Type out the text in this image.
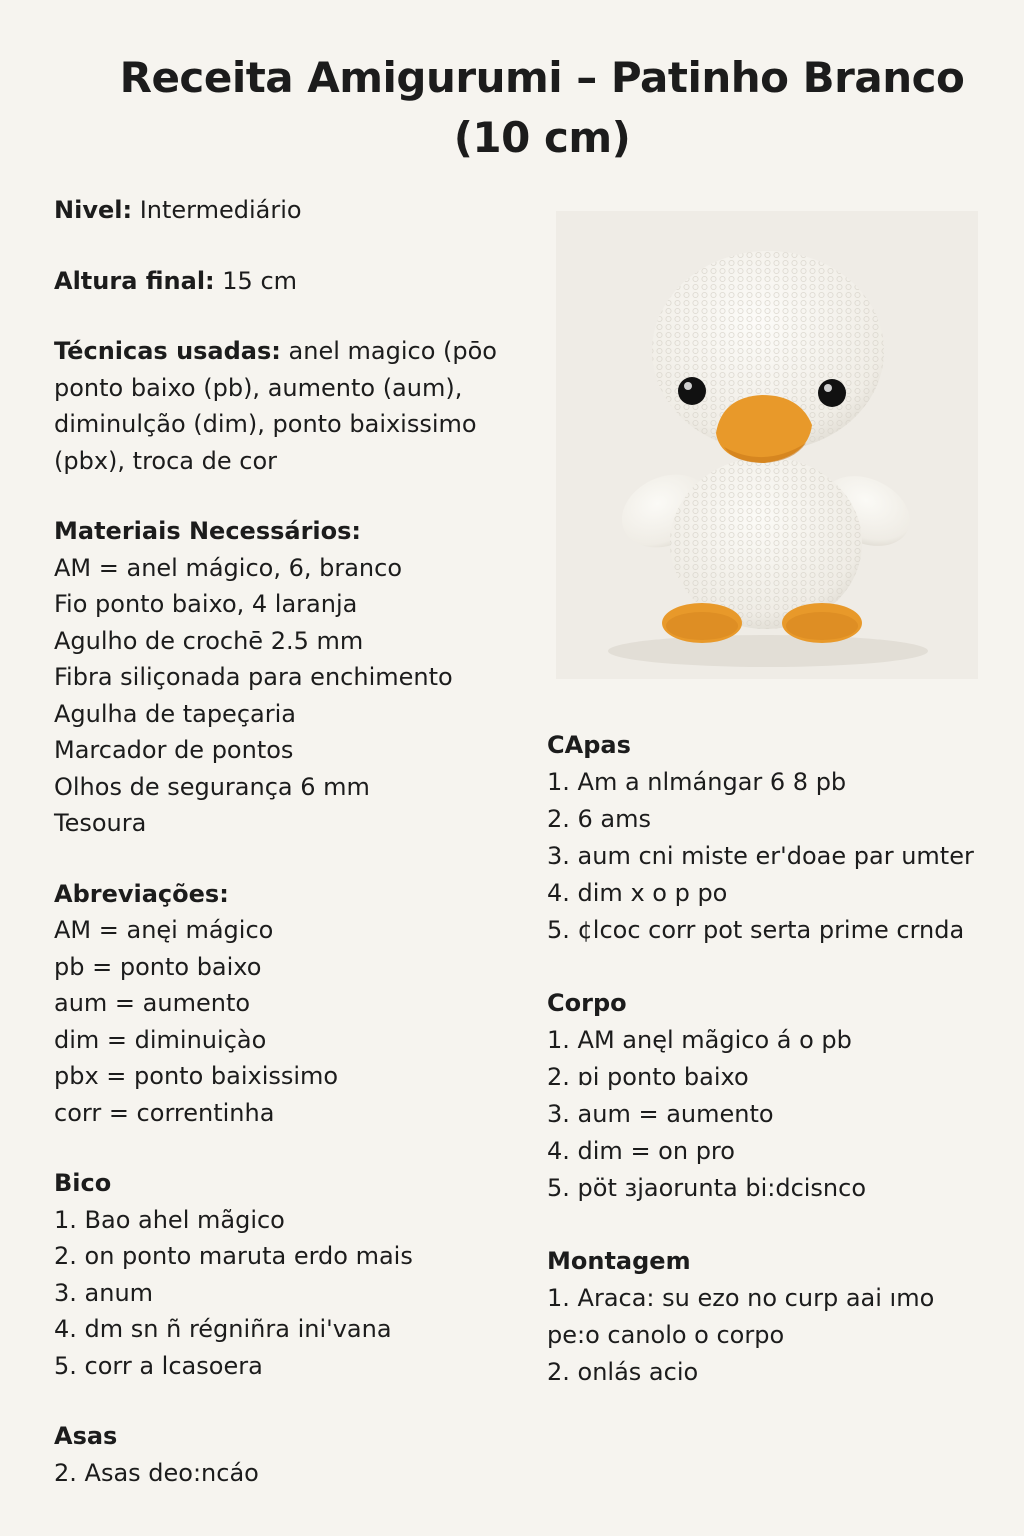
Receita Amigurumi – Patinho Branco
(10 cm)

Nivel: Intermediário

Altura final: 15 cm

Técnicas usadas: anel magico (pōo

ponto baixo (pb), aumento (aum),

diminulção (dim), ponto baixissimo

(pbx), troca de cor

Materiais Necessários:

AM = anel mágico, 6, branco

Fio ponto baixo, 4 laranja

Agulho de crochē 2.5 mm

Fibra siliçonada para enchimento

Agulha de tapeçaria

Marcador de pontos

Olhos de segurança 6 mm

Tesoura

Abreviações:

AM = anęi mágico

pb = ponto baixo

aum = aumento

dim = diminuiçào

pbx = ponto baixissimo

corr = correntinha

Bico

1. Bao ahel mãgico

2. on ponto maruta erdo mais

3. anum

4. dm sn ñ régniñra ini'vana

5. corr a lcasoera

Asas

2. Asas deo:ncáo

CApas

1. Am a nlmángar 6 8 pb

2. 6 ams

3. aum cni miste er'doae par umter

4. dim x o p po

5. ¢lcoc corr pot serta prime crnda

Corpo

1. AM anęl mãgico á o pb

2. ɒi ponto baixo

3. aum = aumento

4. dim = on pro

5. pöt ɜjaorunta bi:dcisnco

Montagem

1. Araca: su ezo no curp aai ımo

pe:o canolo o corpo

2. onlás acio
